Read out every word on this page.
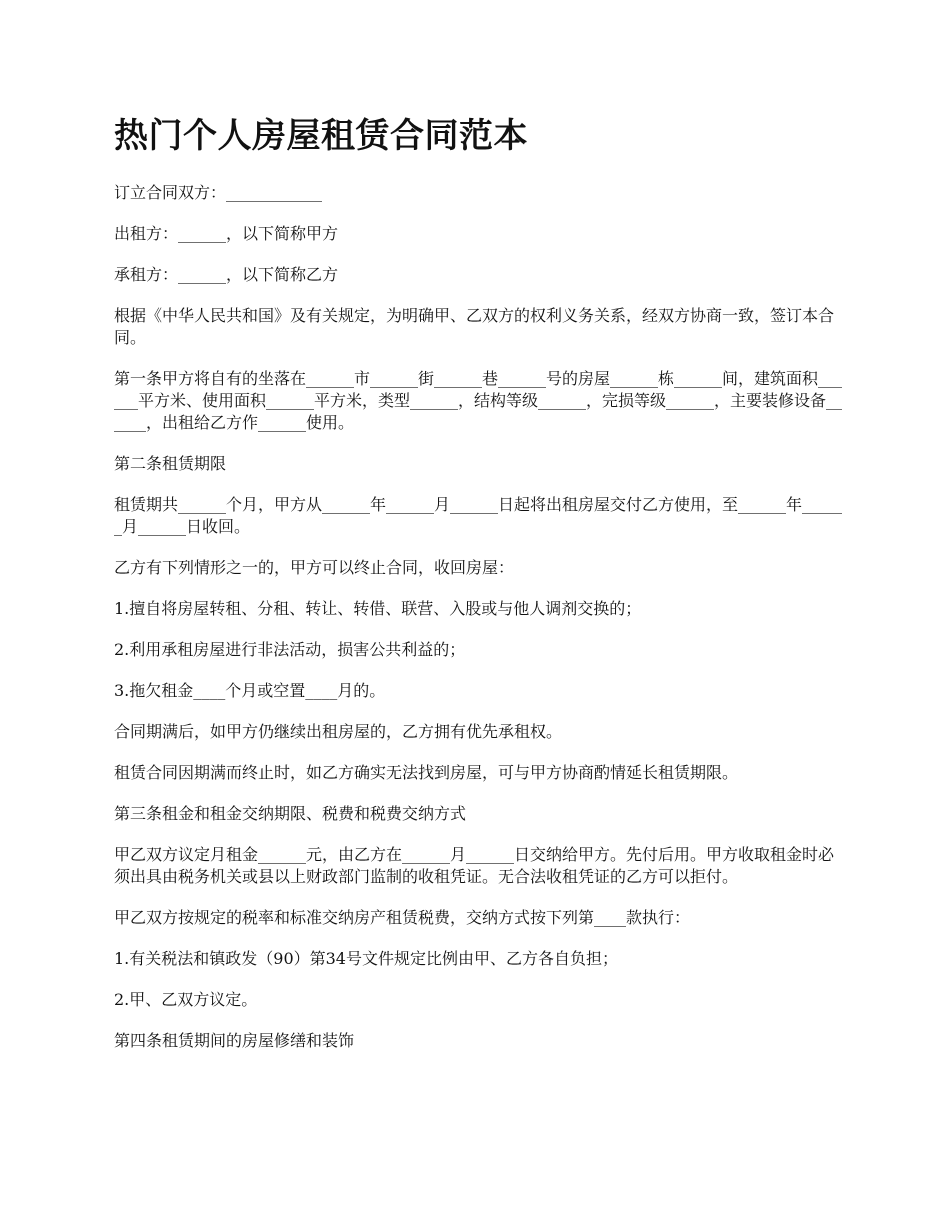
热门个人房屋租赁合同范本

订立合同双方：____________

出租方：______，以下简称甲方

承租方：______，以下简称乙方

根据《中华人民共和国》及有关规定，为明确甲、乙双方的权利义务关系，经双方协商一致，签订本合同。

第一条甲方将自有的坐落在______市______街______巷______号的房屋______栋______间，建筑面积______平方米、使用面积______平方米，类型______，结构等级______，完损等级______，主要装修设备______，出租给乙方作______使用。

第二条租赁期限

租赁期共______个月，甲方从______年______月______日起将出租房屋交付乙方使用，至______年______月______日收回。

乙方有下列情形之一的，甲方可以终止合同，收回房屋：

1.擅自将房屋转租、分租、转让、转借、联营、入股或与他人调剂交换的；

2.利用承租房屋进行非法活动，损害公共利益的；

3.拖欠租金____个月或空置____月的。

合同期满后，如甲方仍继续出租房屋的，乙方拥有优先承租权。

租赁合同因期满而终止时，如乙方确实无法找到房屋，可与甲方协商酌情延长租赁期限。

第三条租金和租金交纳期限、税费和税费交纳方式

甲乙双方议定月租金______元，由乙方在______月______日交纳给甲方。先付后用。甲方收取租金时必须出具由税务机关或县以上财政部门监制的收租凭证。无合法收租凭证的乙方可以拒付。

甲乙双方按规定的税率和标准交纳房产租赁税费，交纳方式按下列第____款执行：

1.有关税法和镇政发（90）第34号文件规定比例由甲、乙方各自负担；

2.甲、乙双方议定。

第四条租赁期间的房屋修缮和装饰
